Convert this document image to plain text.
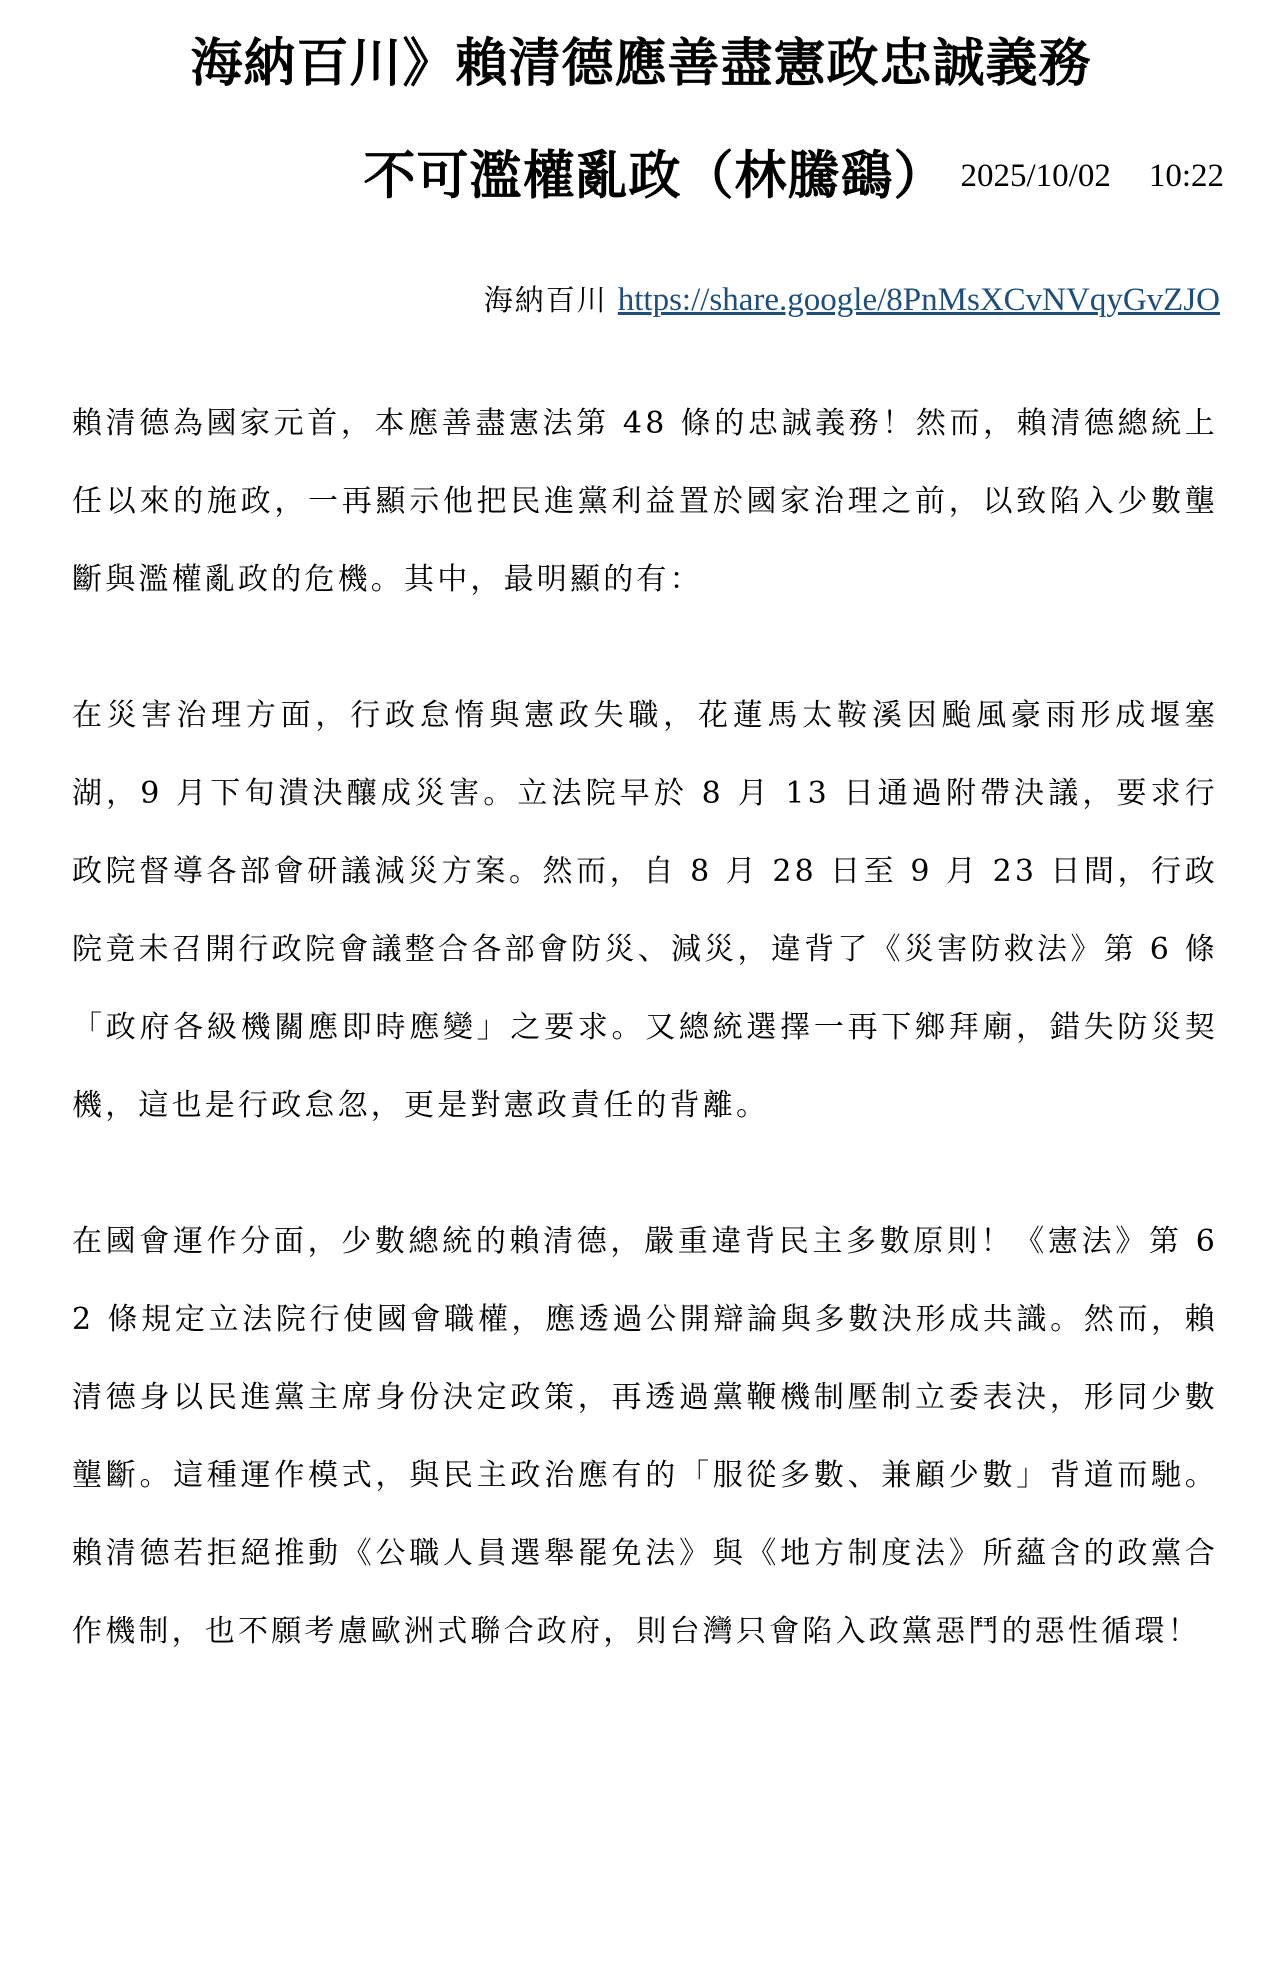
海納百川》賴清德應善盡憲政忠誠義務
不可濫權亂政（林騰鷂） 2025/10/02 10:22
海納百川 https://share.google/8PnMsXCvNVqyGvZJO

賴清德為國家元首，本應善盡憲法第 48 條的忠誠義務！然而，賴清德總統上任以來的施政，一再顯示他把民進黨利益置於國家治理之前，以致陷入少數壟斷與濫權亂政的危機。其中，最明顯的有：

在災害治理方面，行政怠惰與憲政失職，花蓮馬太鞍溪因颱風豪雨形成堰塞湖，9 月下旬潰決釀成災害。立法院早於 8 月 13 日通過附帶決議，要求行政院督導各部會研議減災方案。然而，自 8 月 28 日至 9 月 23 日間，行政院竟未召開行政院會議整合各部會防災、減災，違背了《災害防救法》第 6 條「政府各級機關應即時應變」之要求。又總統選擇一再下鄉拜廟，錯失防災契機，這也是行政怠忽，更是對憲政責任的背離。

在國會運作分面，少數總統的賴清德，嚴重違背民主多數原則！《憲法》第 62 條規定立法院行使國會職權，應透過公開辯論與多數決形成共識。然而，賴清德身以民進黨主席身份決定政策，再透過黨鞭機制壓制立委表決，形同少數壟斷。這種運作模式，與民主政治應有的「服從多數、兼顧少數」背道而馳。賴清德若拒絕推動《公職人員選舉罷免法》與《地方制度法》所蘊含的政黨合作機制，也不願考慮歐洲式聯合政府，則台灣只會陷入政黨惡鬥的惡性循環！
